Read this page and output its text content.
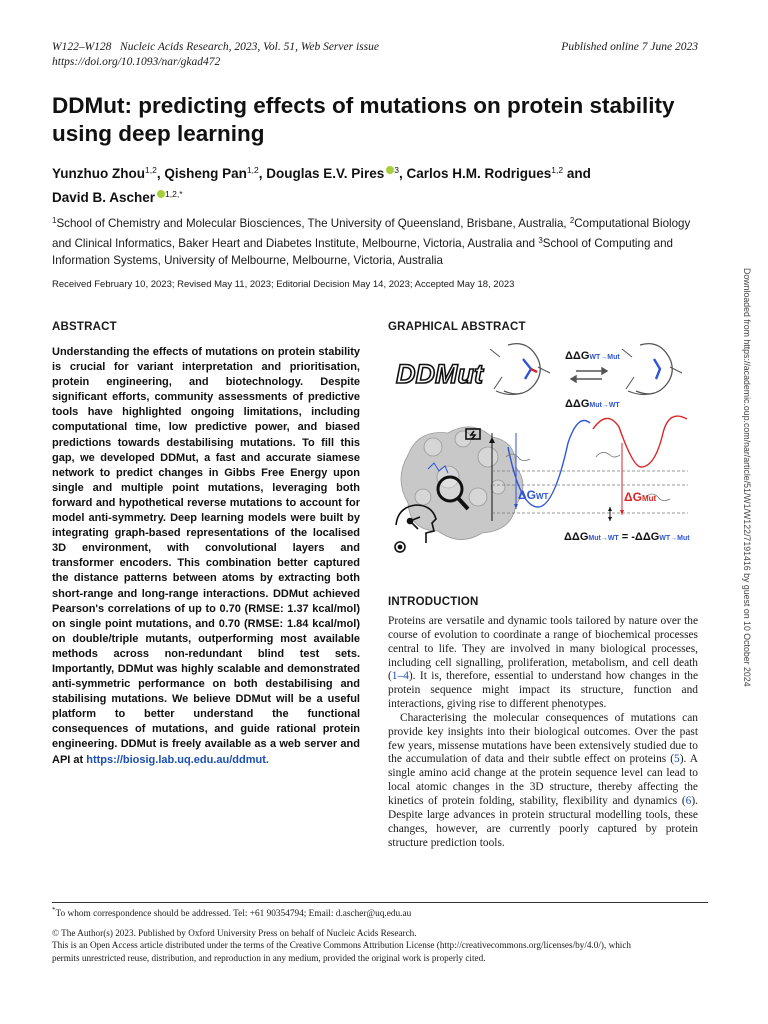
W122–W128 Nucleic Acids Research, 2023, Vol. 51, Web Server issue
https://doi.org/10.1093/nar/gkad472
Published online 7 June 2023
DDMut: predicting effects of mutations on protein stability using deep learning
Yunzhuo Zhou$^{1,2}$, Qisheng Pan$^{1,2}$, Douglas E.V. Pires $^3$, Carlos H.M. Rodrigues$^{1,2}$ and
David B. Ascher $^{1,2,*}$
$^1$School of Chemistry and Molecular Biosciences, The University of Queensland, Brisbane, Australia, $^2$Computational Biology and Clinical Informatics, Baker Heart and Diabetes Institute, Melbourne, Victoria, Australia and $^3$School of Computing and Information Systems, University of Melbourne, Melbourne, Victoria, Australia
Received February 10, 2023; Revised May 11, 2023; Editorial Decision May 14, 2023; Accepted May 18, 2023
ABSTRACT
Understanding the effects of mutations on protein stability is crucial for variant interpretation and prioritisation, protein engineering, and biotechnology. Despite significant efforts, community assessments of predictive tools have highlighted ongoing limitations, including computational time, low predictive power, and biased predictions towards destabilising mutations. To fill this gap, we developed DDMut, a fast and accurate siamese network to predict changes in Gibbs Free Energy upon single and multiple point mutations, leveraging both forward and hypothetical reverse mutations to account for model anti-symmetry. Deep learning models were built by integrating graph-based representations of the localised 3D environment, with convolutional layers and transformer encoders. This combination better captured the distance patterns between atoms by extracting both short-range and long-range interactions. DDMut achieved Pearson's correlations of up to 0.70 (RMSE: 1.37 kcal/mol) on single point mutations, and 0.70 (RMSE: 1.84 kcal/mol) on double/triple mutants, outperforming most available methods across non-redundant blind test sets. Importantly, DDMut was highly scalable and demonstrated anti-symmetric performance on both destabilising and stabilising mutations. We believe DDMut will be a useful platform to better understand the functional consequences of mutations, and guide rational protein engineering. DDMut is freely available as a web server and API at https://biosig.lab.uq.edu.au/ddmut.
GRAPHICAL ABSTRACT
DDMut
ΔΔGWT→Mut
ΔΔGMut→WT
ΔGWT	ΔGMut
ΔΔGMut→WT = -ΔΔGWT→Mut
INTRODUCTION

Proteins are versatile and dynamic tools tailored by nature over the course of evolution to coordinate a range of biochemical processes central to life. They are involved in many biological processes, including cell signalling, proliferation, metabolism, and cell death (1–4). It is, therefore, essential to understand how changes in the protein sequence might impact its structure, function and interactions, giving rise to different phenotypes.

Characterising the molecular consequences of mutations can provide key insights into their biological outcomes. Over the past few years, missense mutations have been extensively studied due to the accumulation of data and their subtle effect on proteins (5). A single amino acid change at the protein sequence level can lead to local atomic changes in the 3D structure, thereby affecting the kinetics of protein folding, stability, flexibility and dynamics (6). Despite large advances in protein structural modelling tools, these changes, however, are currently poorly captured by protein structure prediction tools.

Downloaded from https://academic.oup.com/nar/article/51/W1/W122/7191416 by guest on 10 October 2024
*To whom correspondence should be addressed. Tel: +61 90354794; Email: d.ascher@uq.edu.au
© The Author(s) 2023. Published by Oxford University Press on behalf of Nucleic Acids Research.
This is an Open Access article distributed under the terms of the Creative Commons Attribution License (http://creativecommons.org/licenses/by/4.0/), which
permits unrestricted reuse, distribution, and reproduction in any medium, provided the original work is properly cited.
